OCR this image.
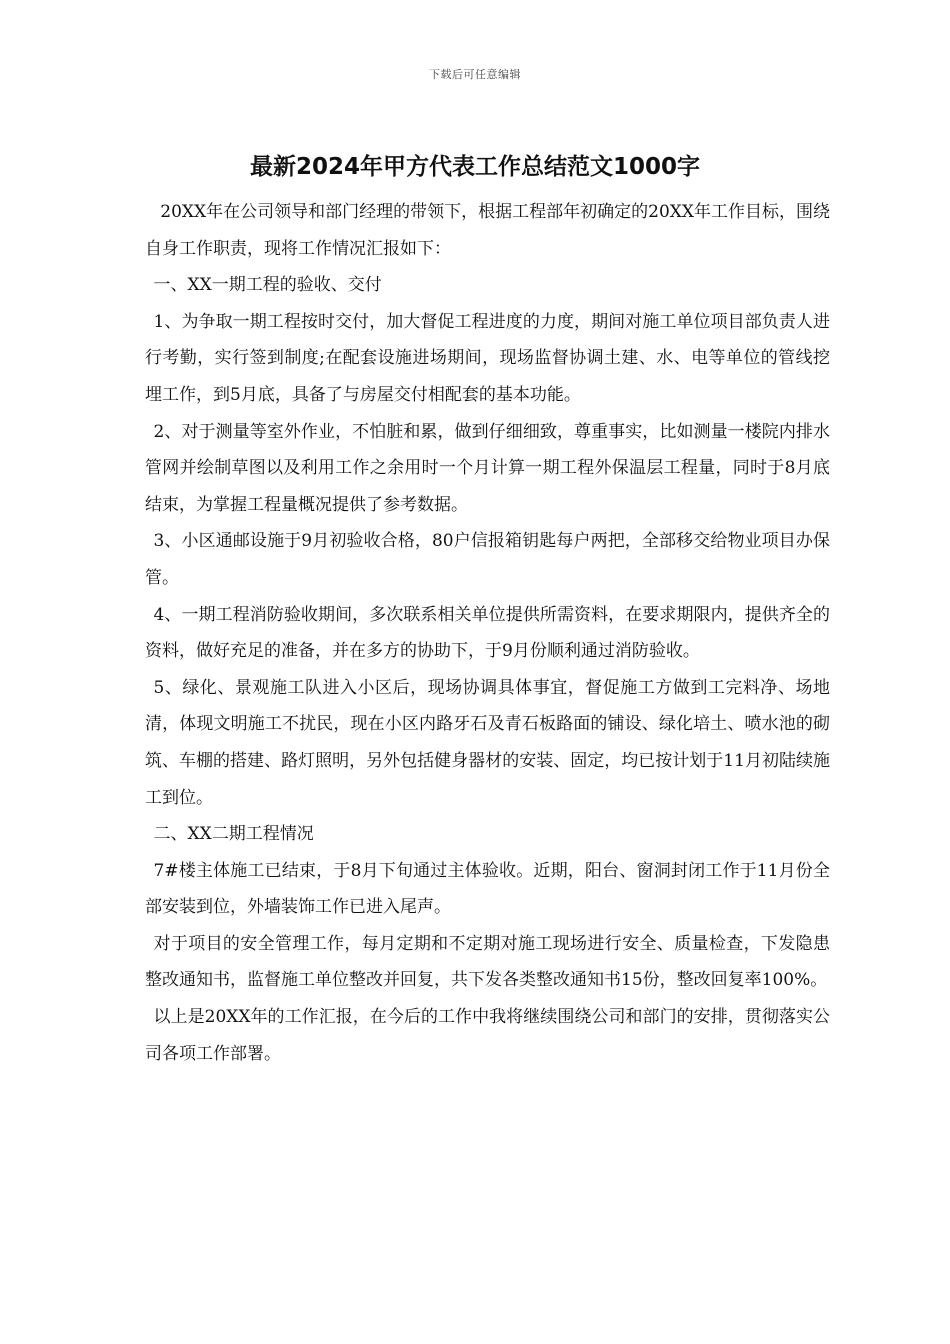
下载后可任意编辑
最新2024年甲方代表工作总结范文1000字

20XX年在公司领导和部门经理的带领下，根据工程部年初确定的20XX年工作目标，围绕自身工作职责，现将工作情况汇报如下：

一、XX一期工程的验收、交付

1、为争取一期工程按时交付，加大督促工程进度的力度，期间对施工单位项目部负责人进行考勤，实行签到制度;在配套设施进场期间，现场监督协调土建、水、电等单位的管线挖埋工作，到5月底，具备了与房屋交付相配套的基本功能。

2、对于测量等室外作业，不怕脏和累，做到仔细细致，尊重事实，比如测量一楼院内排水管网并绘制草图以及利用工作之余用时一个月计算一期工程外保温层工程量，同时于8月底结束，为掌握工程量概况提供了参考数据。

3、小区通邮设施于9月初验收合格，80户信报箱钥匙每户两把，全部移交给物业项目办保管。

4、一期工程消防验收期间，多次联系相关单位提供所需资料，在要求期限内，提供齐全的资料，做好充足的准备，并在多方的协助下，于9月份顺利通过消防验收。

5、绿化、景观施工队进入小区后，现场协调具体事宜，督促施工方做到工完料净、场地清，体现文明施工不扰民，现在小区内路牙石及青石板路面的铺设、绿化培土、喷水池的砌筑、车棚的搭建、路灯照明，另外包括健身器材的安装、固定，均已按计划于11月初陆续施工到位。

二、XX二期工程情况

7#楼主体施工已结束，于8月下旬通过主体验收。近期，阳台、窗洞封闭工作于11月份全部安装到位，外墙装饰工作已进入尾声。

对于项目的安全管理工作，每月定期和不定期对施工现场进行安全、质量检查，下发隐患整改通知书，监督施工单位整改并回复，共下发各类整改通知书15份，整改回复率100%。

以上是20XX年的工作汇报，在今后的工作中我将继续围绕公司和部门的安排，贯彻落实公司各项工作部署。
